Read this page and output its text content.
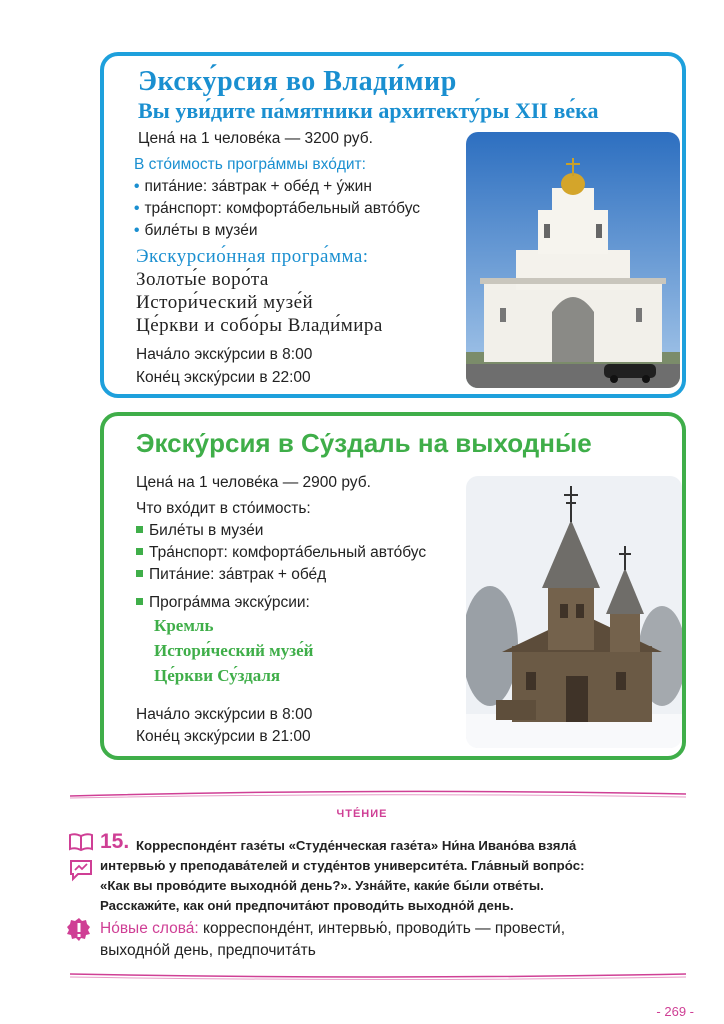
Экску́рсия во Влади́мир
Вы уви́дите па́мятники архитекту́ры XII ве́ка
Цена́ на 1 челове́ка — 3200 руб.
В сто́имость програ́ммы вхо́дит:
• пита́ние: за́втрак + обе́д + у́жин
• тра́нспорт: комфорта́бельный авто́бус
• биле́ты в музе́и
Экскурсио́нная програ́мма:
Золоты́е воро́та
Истори́ческий музе́й
Це́ркви и собо́ры Влади́мира
Нача́ло экску́рсии в 8:00
Коне́ц экску́рсии в 22:00
Экску́рсия в Су́здаль на выходны́е
Цена́ на 1 челове́ка — 2900 руб.
Что вхо́дит в сто́имость:
Биле́ты в музе́и
Тра́нспорт: комфорта́бельный авто́бус
Пита́ние: за́втрак + обе́д
Програ́мма экску́рсии:
Кремль
Истори́ческий музе́й
Це́ркви Су́здаля
Нача́ло экску́рсии в 8:00
Коне́ц экску́рсии в 21:00
ЧТЕ́НИЕ
15. Корреспонде́нт газе́ты «Студе́нческая газе́та» Ни́на Ивано́ва взяла́
интервью́ у преподава́телей и студе́нтов университе́та. Гла́вный вопро́с:
«Как вы прово́дите выходно́й день?». Узна́йте, каки́е бы́ли отве́ты.
Расскажи́те, как они́ предпочита́ют проводи́ть выходно́й день.
Но́вые слова́: корреспонде́нт, интервью́, проводи́ть — провести́,
выходно́й день, предпочита́ть
- 269 -
